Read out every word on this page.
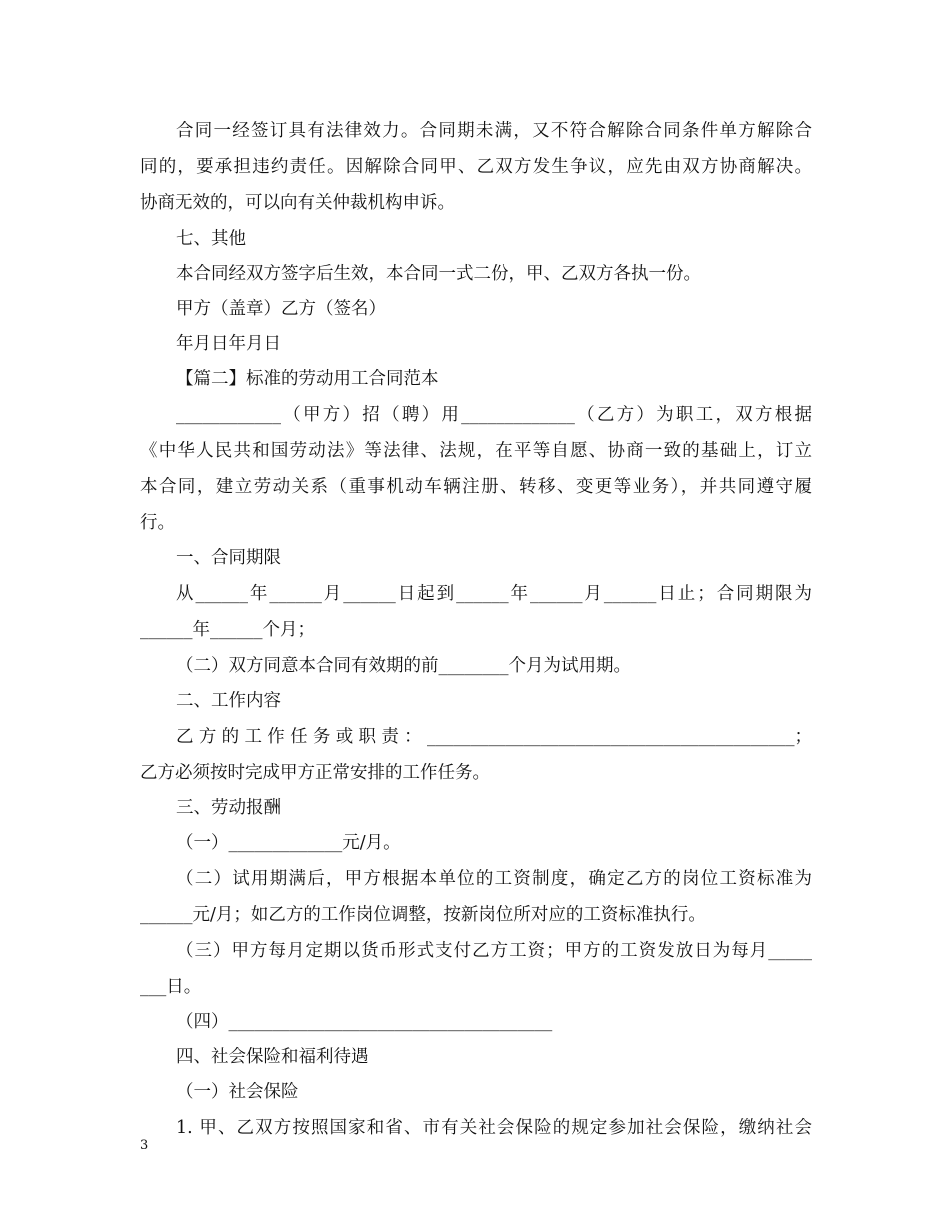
合同一经签订具有法律效力。合同期未满，又不符合解除合同条件单方解除合
同的，要承担违约责任。因解除合同甲、乙双方发生争议，应先由双方协商解决。
协商无效的，可以向有关仲裁机构申诉。
七、其他
本合同经双方签字后生效，本合同一式二份，甲、乙双方各执一份。
甲方（盖章）乙方（签名）
年月日年月日
【篇二】标准的劳动用工合同范本
____________（甲方）招（聘）用_____________（乙方）为职工，双方根据
《中华人民共和国劳动法》等法律、法规，在平等自愿、协商一致的基础上，订立
本合同，建立劳动关系（重事机动车辆注册、转移、变更等业务），并共同遵守履
行。
一、合同期限
从______年______月______日起到______年______月______日止；合同期限为
______年______个月；
（二）双方同意本合同有效期的前________个月为试用期。
二、工作内容
乙方的工作任务或职责：__________________________________________；
乙方必须按时完成甲方正常安排的工作任务。
三、劳动报酬
（一）_____________元/月。
（二）试用期满后，甲方根据本单位的工资制度，确定乙方的岗位工资标准为
______元/月；如乙方的工作岗位调整，按新岗位所对应的工资标准执行。
（三）甲方每月定期以货币形式支付乙方工资；甲方的工资发放日为每月_____
___日。
（四）_____________________________________
四、社会保险和福利待遇
（一）社会保险
1. 甲、乙双方按照国家和省、市有关社会保险的规定参加社会保险，缴纳社会
3
